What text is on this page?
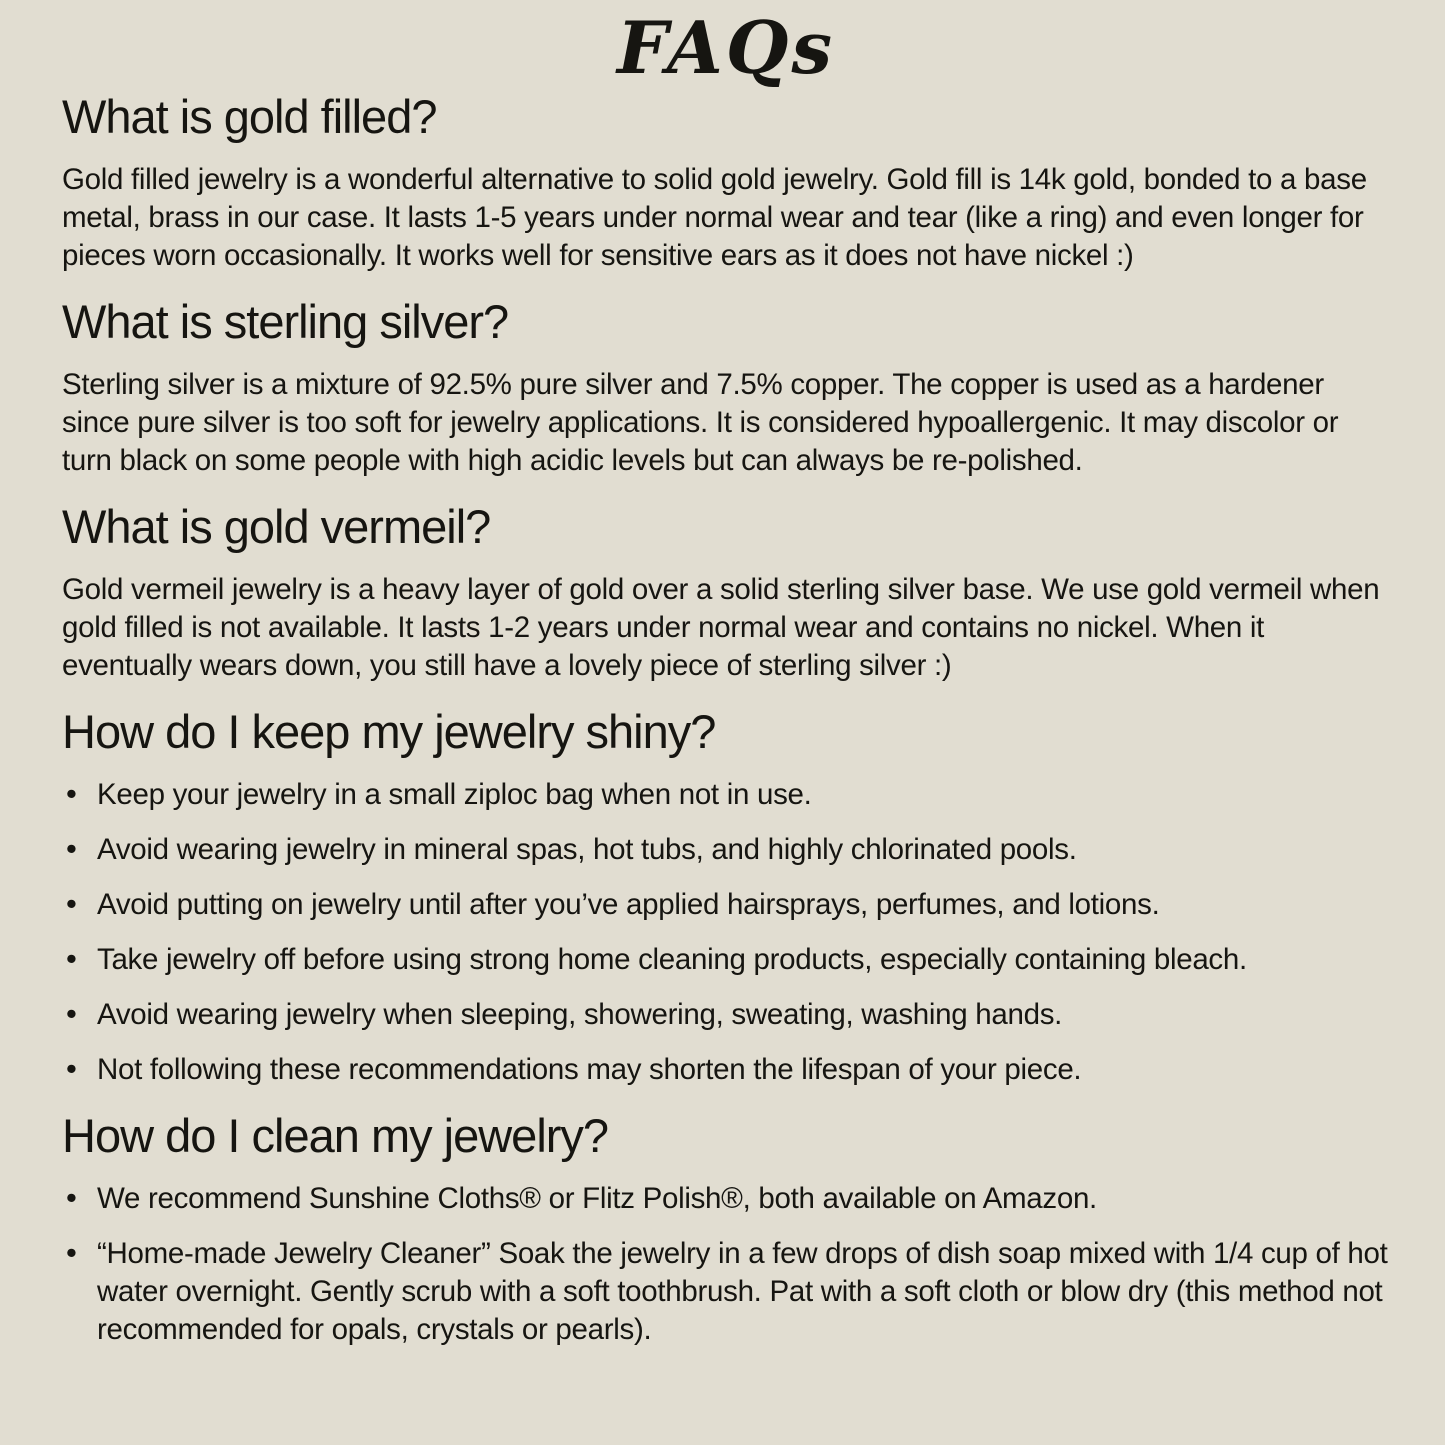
FAQs
What is gold filled?

Gold filled jewelry is a wonderful alternative to solid gold jewelry. Gold fill is 14k gold, bonded to a base metal, brass in our case. It lasts 1-5 years under normal wear and tear (like a ring) and even longer for pieces worn occasionally. It works well for sensitive ears as it does not have nickel :)

What is sterling silver?

Sterling silver is a mixture of 92.5% pure silver and 7.5% copper. The copper is used as a hardener since pure silver is too soft for jewelry applications. It is considered hypoallergenic. It may discolor or turn black on some people with high acidic levels but can always be re-polished.

What is gold vermeil?

Gold vermeil jewelry is a heavy layer of gold over a solid sterling silver base. We use gold vermeil when gold filled is not available. It lasts 1-2 years under normal wear and contains no nickel. When it eventually wears down, you still have a lovely piece of sterling silver :)

How do I keep my jewelry shiny?
• Keep your jewelry in a small ziploc bag when not in use.
• Avoid wearing jewelry in mineral spas, hot tubs, and highly chlorinated pools.
• Avoid putting on jewelry until after you’ve applied hairsprays, perfumes, and lotions.
• Take jewelry off before using strong home cleaning products, especially containing bleach.
• Avoid wearing jewelry when sleeping, showering, sweating, washing hands.
• Not following these recommendations may shorten the lifespan of your piece.
How do I clean my jewelry?
• We recommend Sunshine Cloths® or Flitz Polish®, both available on Amazon.
• “Home-made Jewelry Cleaner” Soak the jewelry in a few drops of dish soap mixed with 1/4 cup of hot water overnight. Gently scrub with a soft toothbrush. Pat with a soft cloth or blow dry (this method not recommended for opals, crystals or pearls).
